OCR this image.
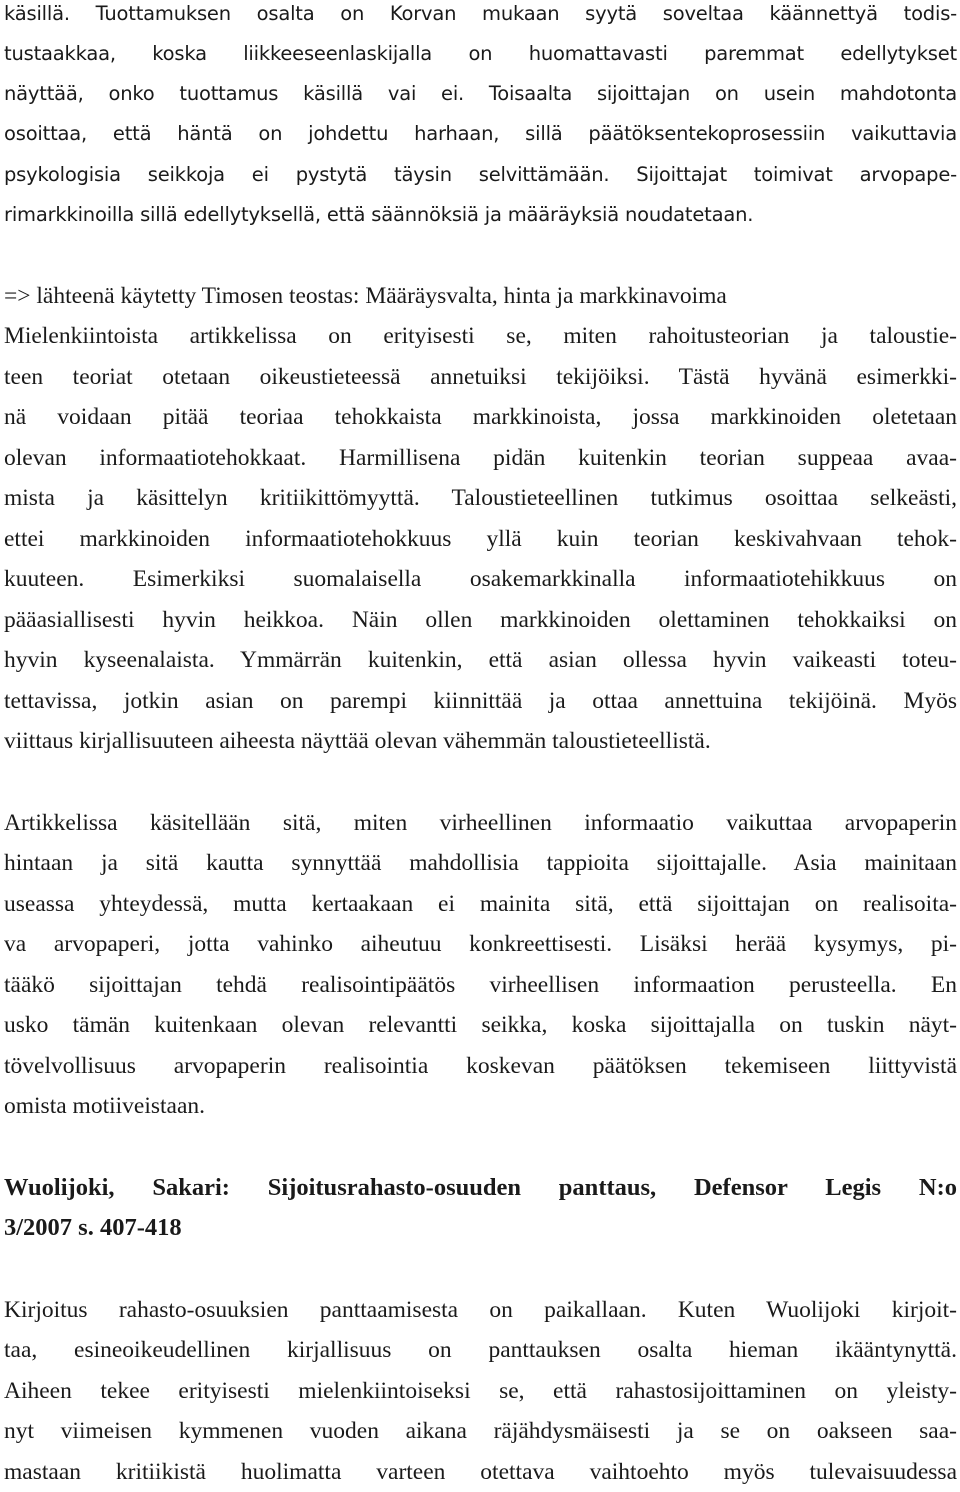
käsillä. Tuottamuksen osalta on Korvan mukaan syytä soveltaa käännettyä todis-
tustaakkaa, koska liikkeeseenlaskijalla on huomattavasti paremmat edellytykset
näyttää, onko tuottamus käsillä vai ei. Toisaalta sijoittajan on usein mahdotonta
osoittaa, että häntä on johdettu harhaan, sillä päätöksentekoprosessiin vaikuttavia
psykologisia seikkoja ei pystytä täysin selvittämään. Sijoittajat toimivat arvopape-
rimarkkinoilla sillä edellytyksellä, että säännöksiä ja määräyksiä noudatetaan.
=> lähteenä käytetty Timosen teostas: Määräysvalta, hinta ja markkinavoima
Mielenkiintoista artikkelissa on erityisesti se, miten rahoitusteorian ja taloustie-
teen teoriat otetaan oikeustieteessä annetuiksi tekijöiksi. Tästä hyvänä esimerkki-
nä voidaan pitää teoriaa tehokkaista markkinoista, jossa markkinoiden oletetaan
olevan informaatiotehokkaat. Harmillisena pidän kuitenkin teorian suppeaa avaa-
mista ja käsittelyn kritiikittömyyttä. Taloustieteellinen tutkimus osoittaa selkeästi,
ettei markkinoiden informaatiotehokkuus yllä kuin teorian keskivahvaan tehok-
kuuteen. Esimerkiksi suomalaisella osakemarkkinalla informaatiotehikkuus on
pääasiallisesti hyvin heikkoa. Näin ollen markkinoiden olettaminen tehokkaiksi on
hyvin kyseenalaista. Ymmärrän kuitenkin, että asian ollessa hyvin vaikeasti toteu-
tettavissa, jotkin asian on parempi kiinnittää ja ottaa annettuina tekijöinä. Myös
viittaus kirjallisuuteen aiheesta näyttää olevan vähemmän taloustieteellistä.
Artikkelissa käsitellään sitä, miten virheellinen informaatio vaikuttaa arvopaperin
hintaan ja sitä kautta synnyttää mahdollisia tappioita sijoittajalle. Asia mainitaan
useassa yhteydessä, mutta kertaakaan ei mainita sitä, että sijoittajan on realisoita-
va arvopaperi, jotta vahinko aiheutuu konkreettisesti. Lisäksi herää kysymys, pi-
tääkö sijoittajan tehdä realisointipäätös virheellisen informaation perusteella. En
usko tämän kuitenkaan olevan relevantti seikka, koska sijoittajalla on tuskin näyt-
tövelvollisuus arvopaperin realisointia koskevan päätöksen tekemiseen liittyvistä
omista motiiveistaan.
Wuolijoki, Sakari: Sijoitusrahasto-osuuden panttaus, Defensor Legis N:o
3/2007 s. 407-418
Kirjoitus rahasto-osuuksien panttaamisesta on paikallaan. Kuten Wuolijoki kirjoit-
taa, esineoikeudellinen kirjallisuus on panttauksen osalta hieman ikääntynyttä.
Aiheen tekee erityisesti mielenkiintoiseksi se, että rahastosijoittaminen on yleisty-
nyt viimeisen kymmenen vuoden aikana räjähdysmäisesti ja se on oakseen saa-
mastaan kritiikistä huolimatta varteen otettava vaihtoehto myös tulevaisuudessa
